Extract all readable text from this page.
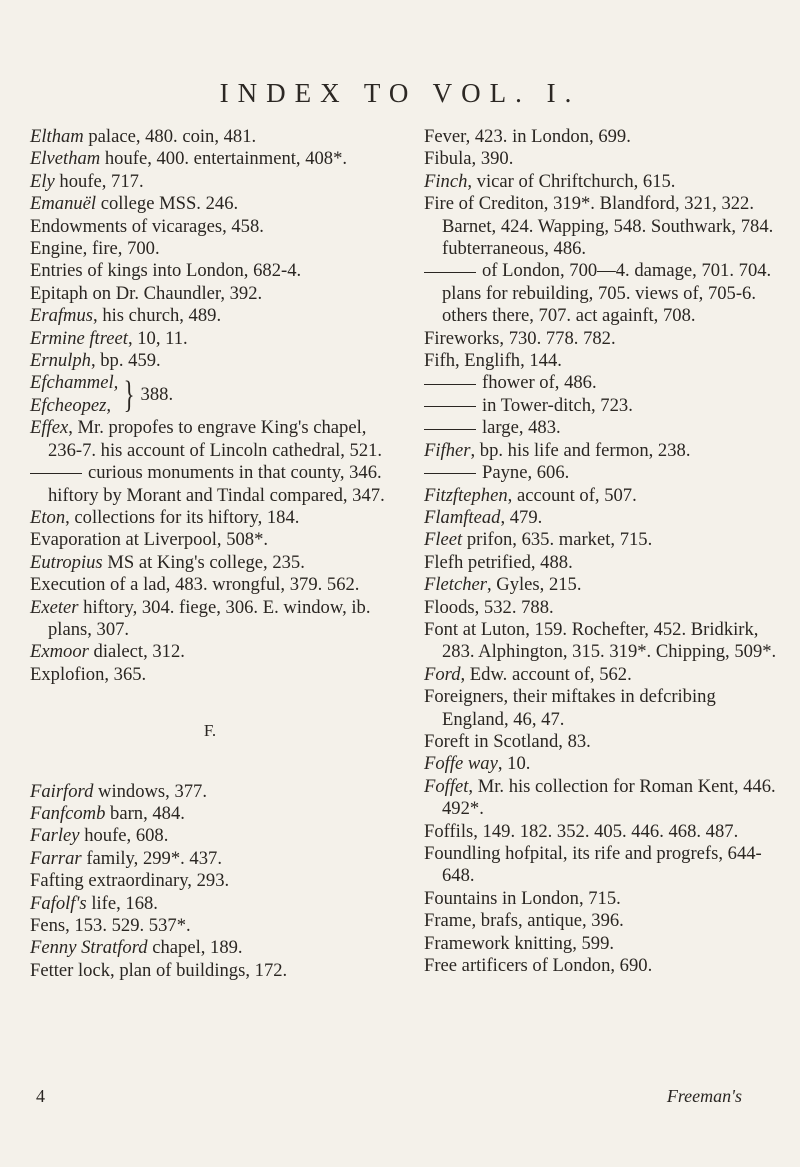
INDEX TO VOL. I.
Eltham palace, 480. coin, 481.
Elvetham houfe, 400. entertainment, 408*.
Ely houfe, 717.
Emanuël college MSS. 246.
Endowments of vicarages, 458.
Engine, fire, 700.
Entries of kings into London, 682-4.
Epitaph on Dr. Chaundler, 392.
Erafmus, his church, 489.
Ermine ftreet, 10, 11.
Ernulph, bp. 459.
Efchammel,
Efcheopez, } 388.
Effex, Mr. propofes to engrave King's chapel, 236-7. his account of Lincoln cathedral, 521.
curious monuments in that county, 346. hiftory by Morant and Tindal compared, 347.
Eton, collections for its hiftory, 184.
Evaporation at Liverpool, 508*.
Eutropius MS at King's college, 235.
Execution of a lad, 483. wrongful, 379. 562.
Exeter hiftory, 304. fiege, 306. E. window, ib. plans, 307.
Exmoor dialect, 312.
Explofion, 365.
F.
Fairford windows, 377.
Fanfcomb barn, 484.
Farley houfe, 608.
Farrar family, 299*. 437.
Fafting extraordinary, 293.
Fafolf's life, 168.
Fens, 153. 529. 537*.
Fenny Stratford chapel, 189.
Fetter lock, plan of buildings, 172.
Fever, 423. in London, 699.
Fibula, 390.
Finch, vicar of Chriftchurch, 615.
Fire of Crediton, 319*. Blandford, 321, 322. Barnet, 424. Wapping, 548. Southwark, 784. fubterraneous, 486.
of London, 700—4. damage, 701. 704. plans for rebuilding, 705. views of, 705-6. others there, 707. act againft, 708.
Fireworks, 730. 778. 782.
Fifh, Englifh, 144.
fhower of, 486.
in Tower-ditch, 723.
large, 483.
Fifher, bp. his life and fermon, 238.
Payne, 606.
Fitzftephen, account of, 507.
Flamftead, 479.
Fleet prifon, 635. market, 715.
Flefh petrified, 488.
Fletcher, Gyles, 215.
Floods, 532. 788.
Font at Luton, 159. Rochefter, 452. Bridkirk, 283. Alphington, 315. 319*. Chipping, 509*.
Ford, Edw. account of, 562.
Foreigners, their miftakes in defcribing England, 46, 47.
Foreft in Scotland, 83.
Foffe way, 10.
Foffet, Mr. his collection for Roman Kent, 446. 492*.
Foffils, 149. 182. 352. 405. 446. 468. 487.
Foundling hofpital, its rife and progrefs, 644-648.
Fountains in London, 715.
Frame, brafs, antique, 396.
Framework knitting, 599.
Free artificers of London, 690.
4	Freeman's
